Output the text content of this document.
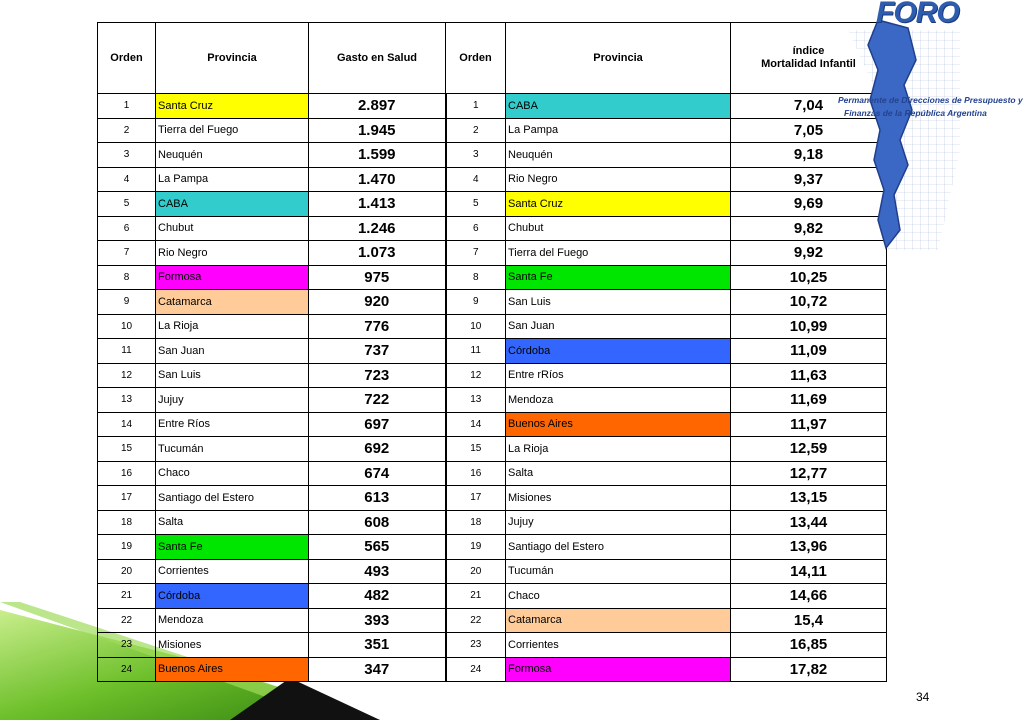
Orden	Provincia	Gasto en Salud	Orden	Provincia	índice
Mortalidad Infantil
1	Santa Cruz	2.897	1	CABA	7,04
2	Tierra del Fuego	1.945	2	La Pampa	7,05
3	Neuquén	1.599	3	Neuquén	9,18
4	La Pampa	1.470	4	Rio Negro	9,37
5	CABA	1.413	5	Santa Cruz	9,69
6	Chubut	1.246	6	Chubut	9,82
7	Rio Negro	1.073	7	Tierra del Fuego	9,92
8	Formosa	975	8	Santa Fe	10,25
9	Catamarca	920	9	San Luis	10,72
10	La Rioja	776	10	San Juan	10,99
11	San Juan	737	11	Córdoba	11,09
12	San Luis	723	12	Entre rRíos	11,63
13	Jujuy	722	13	Mendoza	11,69
14	Entre Ríos	697	14	Buenos Aires	11,97
15	Tucumán	692	15	La Rioja	12,59
16	Chaco	674	16	Salta	12,77
17	Santiago del Estero	613	17	Misiones	13,15
18	Salta	608	18	Jujuy	13,44
19	Santa Fe	565	19	Santiago del Estero	13,96
20	Corrientes	493	20	Tucumán	14,11
21	Córdoba	482	21	Chaco	14,66
22	Mendoza	393	22	Catamarca	15,4
23	Misiones	351	23	Corrientes	16,85
24	Buenos Aires	347	24	Formosa	17,82
FORO
Permanente de Direcciones de Presupuesto y
Finanzas de la República Argentina
34
